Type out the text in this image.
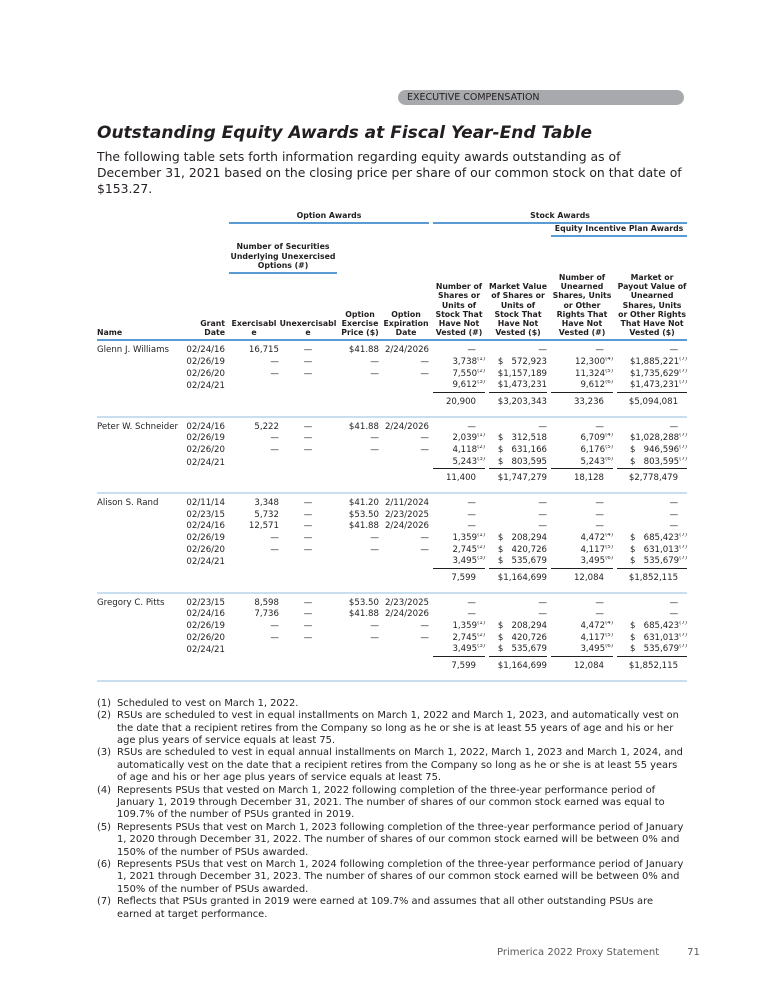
EXECUTIVE COMPENSATION
Outstanding Equity Awards at Fiscal Year-End Table
The following table sets forth information regarding equity awards outstanding as of December 31, 2021 based on the closing price per share of our common stock on that date of $153.27.
			Option Awards							Stock Awards						
														Equity Incentive Plan Awards		
			Number of Securities Underlying Unexercised Options (#)													
Name	Grant Date		Exercisable	Unexercisable		Option Exercise Price ($)		Option Expiration Date		Number of Shares or Units of Stock That Have Not Vested (#)		Market Value of Shares or Units of Stock That Have Not Vested ($)		Number of Unearned Shares, Units or Other Rights That Have Not Vested (#)		Market or Payout Value of Unearned Shares, Units or Other Rights That Have Not Vested ($)

Glenn J. Williams	02/24/16		16,715	—		$41.88		2/24/2026		—		—		—		—

	02/26/19		—	—		—		—		3,738$^{(1)}$		$   572,923		12,300$^{(4)}$		$1,885,221$^{(7)}$

	02/26/20		—	—		—		—		7,550$^{(2)}$		$1,157,189		11,324$^{(5)}$		$1,735,629$^{(7)}$

	02/24/21									9,612$^{(3)}$		$1,473,231		9,612$^{(6)}$		$1,473,231$^{(7)}$

										20,900		$3,203,343		33,236		$5,094,081

Peter W. Schneider	02/24/16		5,222	—		$41.88		2/24/2026		—		—		—		—

	02/26/19		—	—		—		—		2,039$^{(1)}$		$   312,518		6,709$^{(4)}$		$1,028,288$^{(7)}$

	02/26/20		—	—		—		—		4,118$^{(2)}$		$   631,166		6,176$^{(5)}$		$   946,596$^{(7)}$

	02/24/21									5,243$^{(3)}$		$   803,595		5,243$^{(6)}$		$   803,595$^{(7)}$

										11,400		$1,747,279		18,128		$2,778,479

Alison S. Rand	02/11/14		3,348	—		$41.20		2/11/2024		—		—		—		—

	02/23/15		5,732	—		$53.50		2/23/2025		—		—		—		—

	02/24/16		12,571	—		$41.88		2/24/2026		—		—		—		—

	02/26/19		—	—		—		—		1,359$^{(1)}$		$   208,294		4,472$^{(4)}$		$   685,423$^{(7)}$

	02/26/20		—	—		—		—		2,745$^{(2)}$		$   420,726		4,117$^{(5)}$		$   631,013$^{(7)}$

	02/24/21									3,495$^{(3)}$		$   535,679		3,495$^{(6)}$		$   535,679$^{(7)}$

										7,599		$1,164,699		12,084		$1,852,115

Gregory C. Pitts	02/23/15		8,598	—		$53.50		2/23/2025		—		—		—		—

	02/24/16		7,736	—		$41.88		2/24/2026		—		—		—		—

	02/26/19		—	—		—		—		1,359$^{(1)}$		$   208,294		4,472$^{(4)}$		$   685,423$^{(7)}$

	02/26/20		—	—		—		—		2,745$^{(2)}$		$   420,726		4,117$^{(5)}$		$   631,013$^{(7)}$

	02/24/21									3,495$^{(3)}$		$   535,679		3,495$^{(6)}$		$   535,679$^{(7)}$

										7,599		$1,164,699		12,084		$1,852,115

(1) Scheduled to vest on March 1, 2022.
(2) RSUs are scheduled to vest in equal installments on March 1, 2022 and March 1, 2023, and automatically vest on the date that a recipient retires from the Company so long as he or she is at least 55 years of age and his or her age plus years of service equals at least 75.
(3) RSUs are scheduled to vest in equal annual installments on March 1, 2022, March 1, 2023 and March 1, 2024, and automatically vest on the date that a recipient retires from the Company so long as he or she is at least 55 years of age and his or her age plus years of service equals at least 75.
(4) Represents PSUs that vested on March 1, 2022 following completion of the three-year performance period of January 1, 2019 through December 31, 2021. The number of shares of our common stock earned was equal to 109.7% of the number of PSUs granted in 2019.
(5) Represents PSUs that vest on March 1, 2023 following completion of the three-year performance period of January 1, 2020 through December 31, 2022. The number of shares of our common stock earned will be between 0% and 150% of the number of PSUs awarded.
(6) Represents PSUs that vest on March 1, 2024 following completion of the three-year performance period of January 1, 2021 through December 31, 2023. The number of shares of our common stock earned will be between 0% and 150% of the number of PSUs awarded.
(7) Reflects that PSUs granted in 2019 were earned at 109.7% and assumes that all other outstanding PSUs are earned at target performance.
Primerica 2022 Proxy Statement	71
